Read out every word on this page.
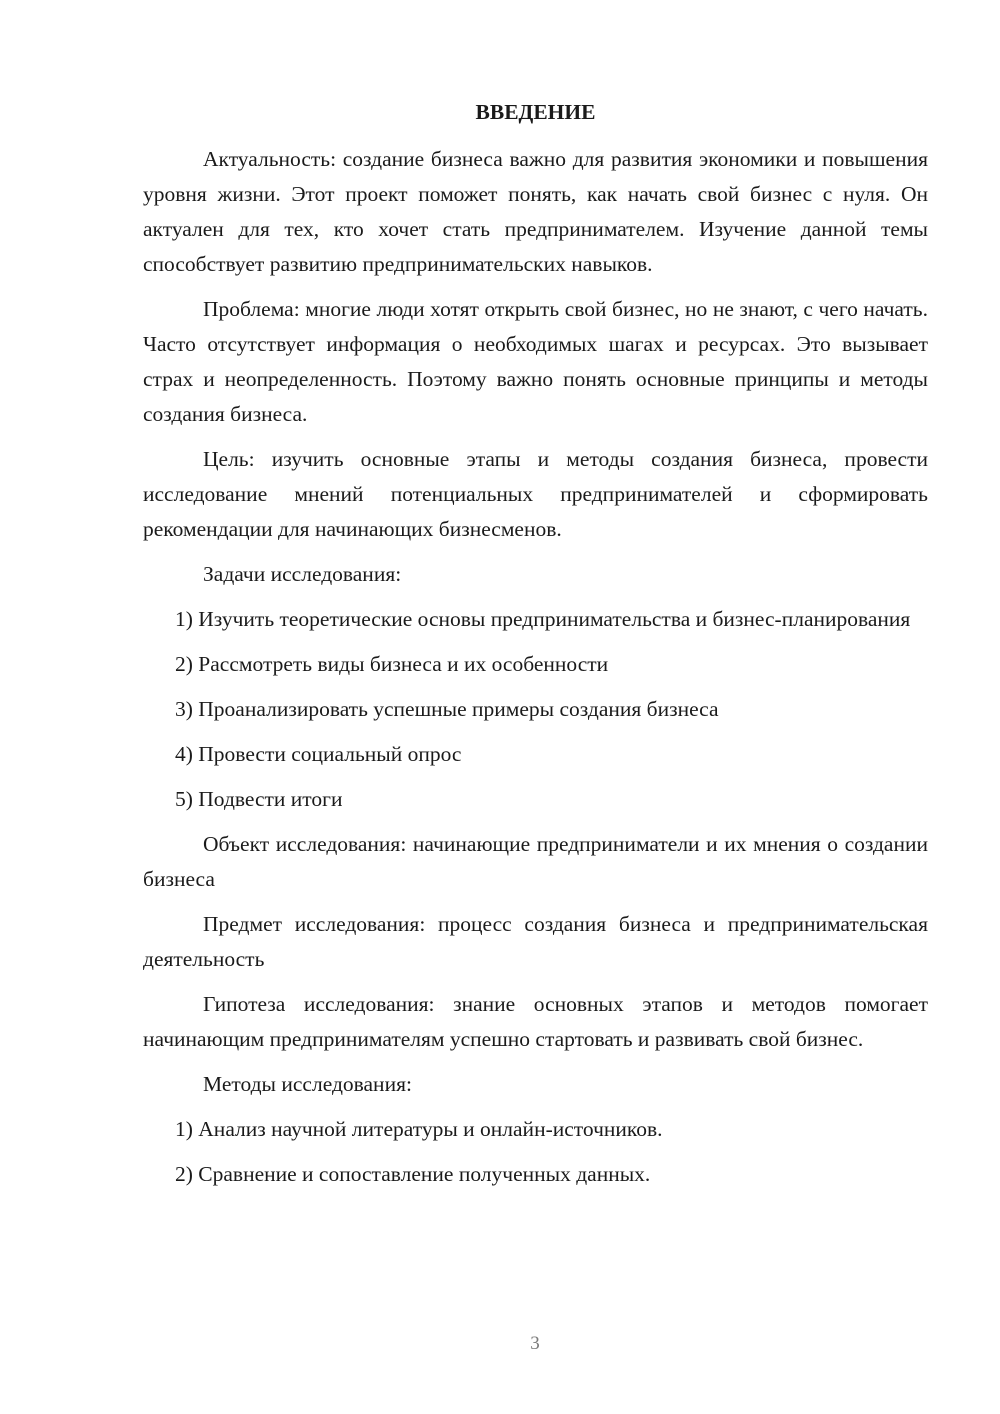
ВВЕДЕНИЕ

Актуальность: создание бизнеса важно для развития экономики и повышения уровня жизни. Этот проект поможет понять, как начать свой бизнес с нуля. Он актуален для тех, кто хочет стать предпринимателем. Изучение данной темы способствует развитию предпринимательских навыков.

Проблема: многие люди хотят открыть свой бизнес, но не знают, с чего начать. Часто отсутствует информация о необходимых шагах и ресурсах. Это вызывает страх и неопределенность. Поэтому важно понять основные принципы и методы создания бизнеса.

Цель: изучить основные этапы и методы создания бизнеса, провести исследование мнений потенциальных предпринимателей и сформировать рекомендации для начинающих бизнесменов.

Задачи исследования:

1) Изучить теоретические основы предпринимательства и бизнес-планирования

2) Рассмотреть виды бизнеса и их особенности

3) Проанализировать успешные примеры создания бизнеса

4) Провести социальный опрос

5) Подвести итоги

Объект исследования: начинающие предприниматели и их мнения о создании бизнеса

Предмет исследования: процесс создания бизнеса и предпринимательская деятельность

Гипотеза исследования: знание основных этапов и методов помогает начинающим предпринимателям успешно стартовать и развивать свой бизнес.

Методы исследования:

1) Анализ научной литературы и онлайн-источников.

2) Сравнение и сопоставление полученных данных.

3
